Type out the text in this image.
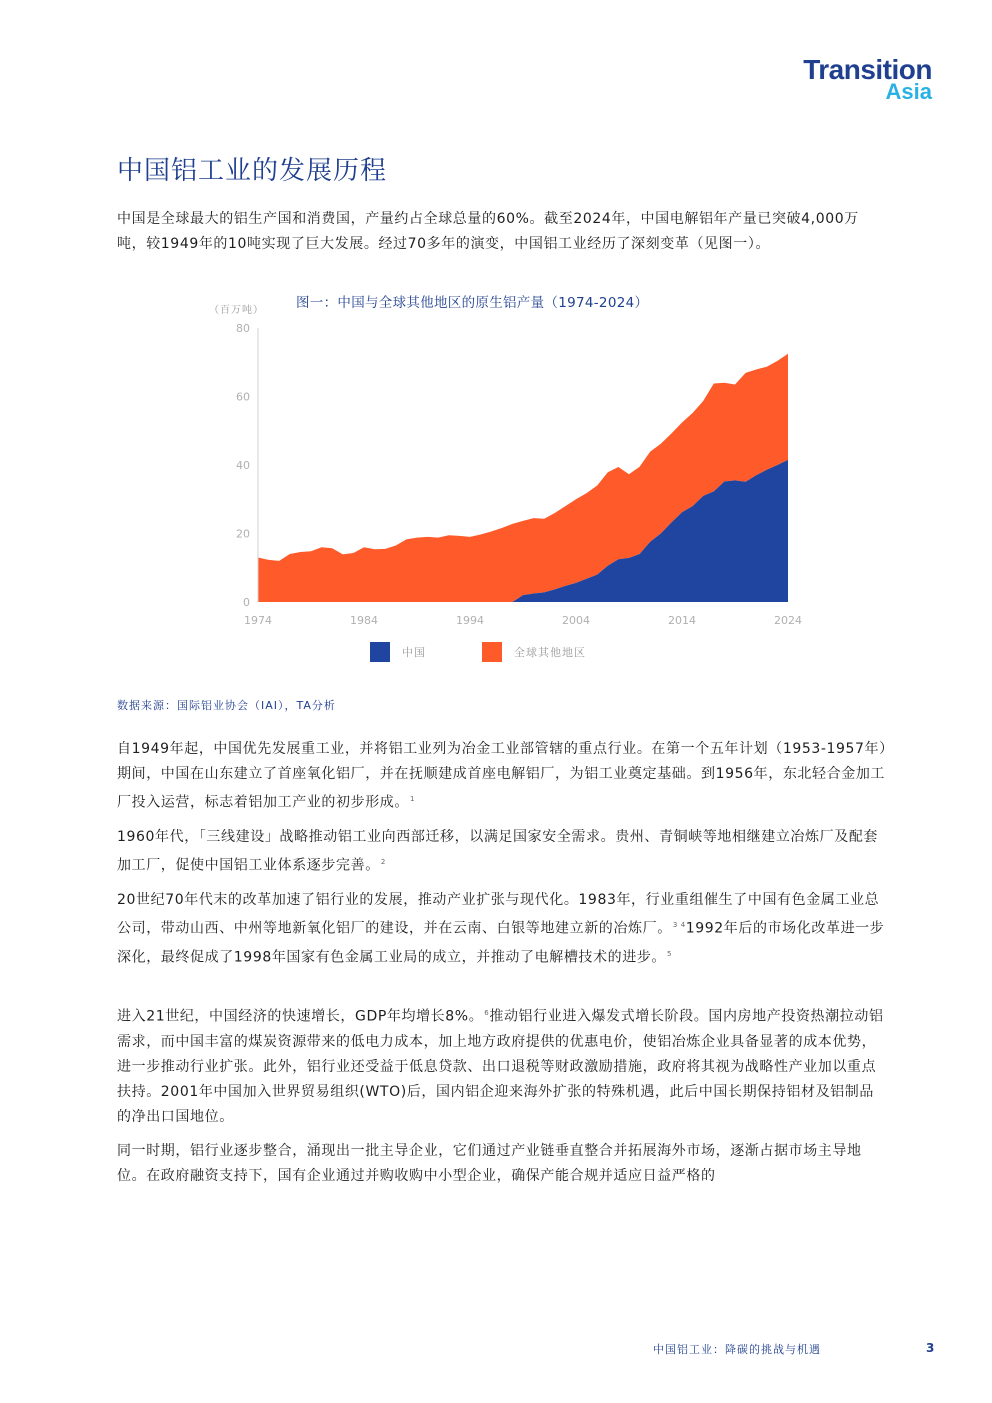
Transition
Asia
中国铝工业的发展历程

中国是全球最大的铝生产国和消费国，产量约占全球总量的60%。截至2024年，中国电解铝年产量已突破4,000万吨，较1949年的10吨实现了巨大发展。经过70多年的演变，中国铝工业经历了深刻变革（见图一）。

图一：中国与全球其他地区的原生铝产量（1974-2024）
（百万吨）
0
20
40
60
80
1974	1984	1994	2004	2014	2024
中国	全球其他地区
数据来源：国际铝业协会（IAI），TA分析

自1949年起，中国优先发展重工业，并将铝工业列为冶金工业部管辖的重点行业。在第一个五年计划（1953-1957年）期间，中国在山东建立了首座氧化铝厂，并在抚顺建成首座电解铝厂，为铝工业奠定基础。到1956年，东北轻合金加工厂投入运营，标志着铝加工产业的初步形成。$^1$

1960年代，「三线建设」战略推动铝工业向西部迁移，以满足国家安全需求。贵州、青铜峡等地相继建立冶炼厂及配套加工厂，促使中国铝工业体系逐步完善。$^2$

20世纪70年代末的改革加速了铝行业的发展，推动产业扩张与现代化。1983年，行业重组催生了中国有色金属工业总公司，带动山西、中州等地新氧化铝厂的建设，并在云南、白银等地建立新的冶炼厂。$^{3 4}$1992年后的市场化改革进一步深化，最终促成了1998年国家有色金属工业局的成立，并推动了电解槽技术的进步。$^5$

进入21世纪，中国经济的快速增长，GDP年均增长8%。$^6$推动铝行业进入爆发式增长阶段。国内房地产投资热潮拉动铝需求，而中国丰富的煤炭资源带来的低电力成本，加上地方政府提供的优惠电价，使铝冶炼企业具备显著的成本优势，进一步推动行业扩张。此外，铝行业还受益于低息贷款、出口退税等财政激励措施，政府将其视为战略性产业加以重点扶持。2001年中国加入世界贸易组织(WTO)后，国内铝企迎来海外扩张的特殊机遇，此后中国长期保持铝材及铝制品的净出口国地位。

同一时期，铝行业逐步整合，涌现出一批主导企业，它们通过产业链垂直整合并拓展海外市场，逐渐占据市场主导地位。在政府融资支持下，国有企业通过并购收购中小型企业，确保产能合规并适应日益严格的

中国铝工业：降碳的挑战与机遇	3
